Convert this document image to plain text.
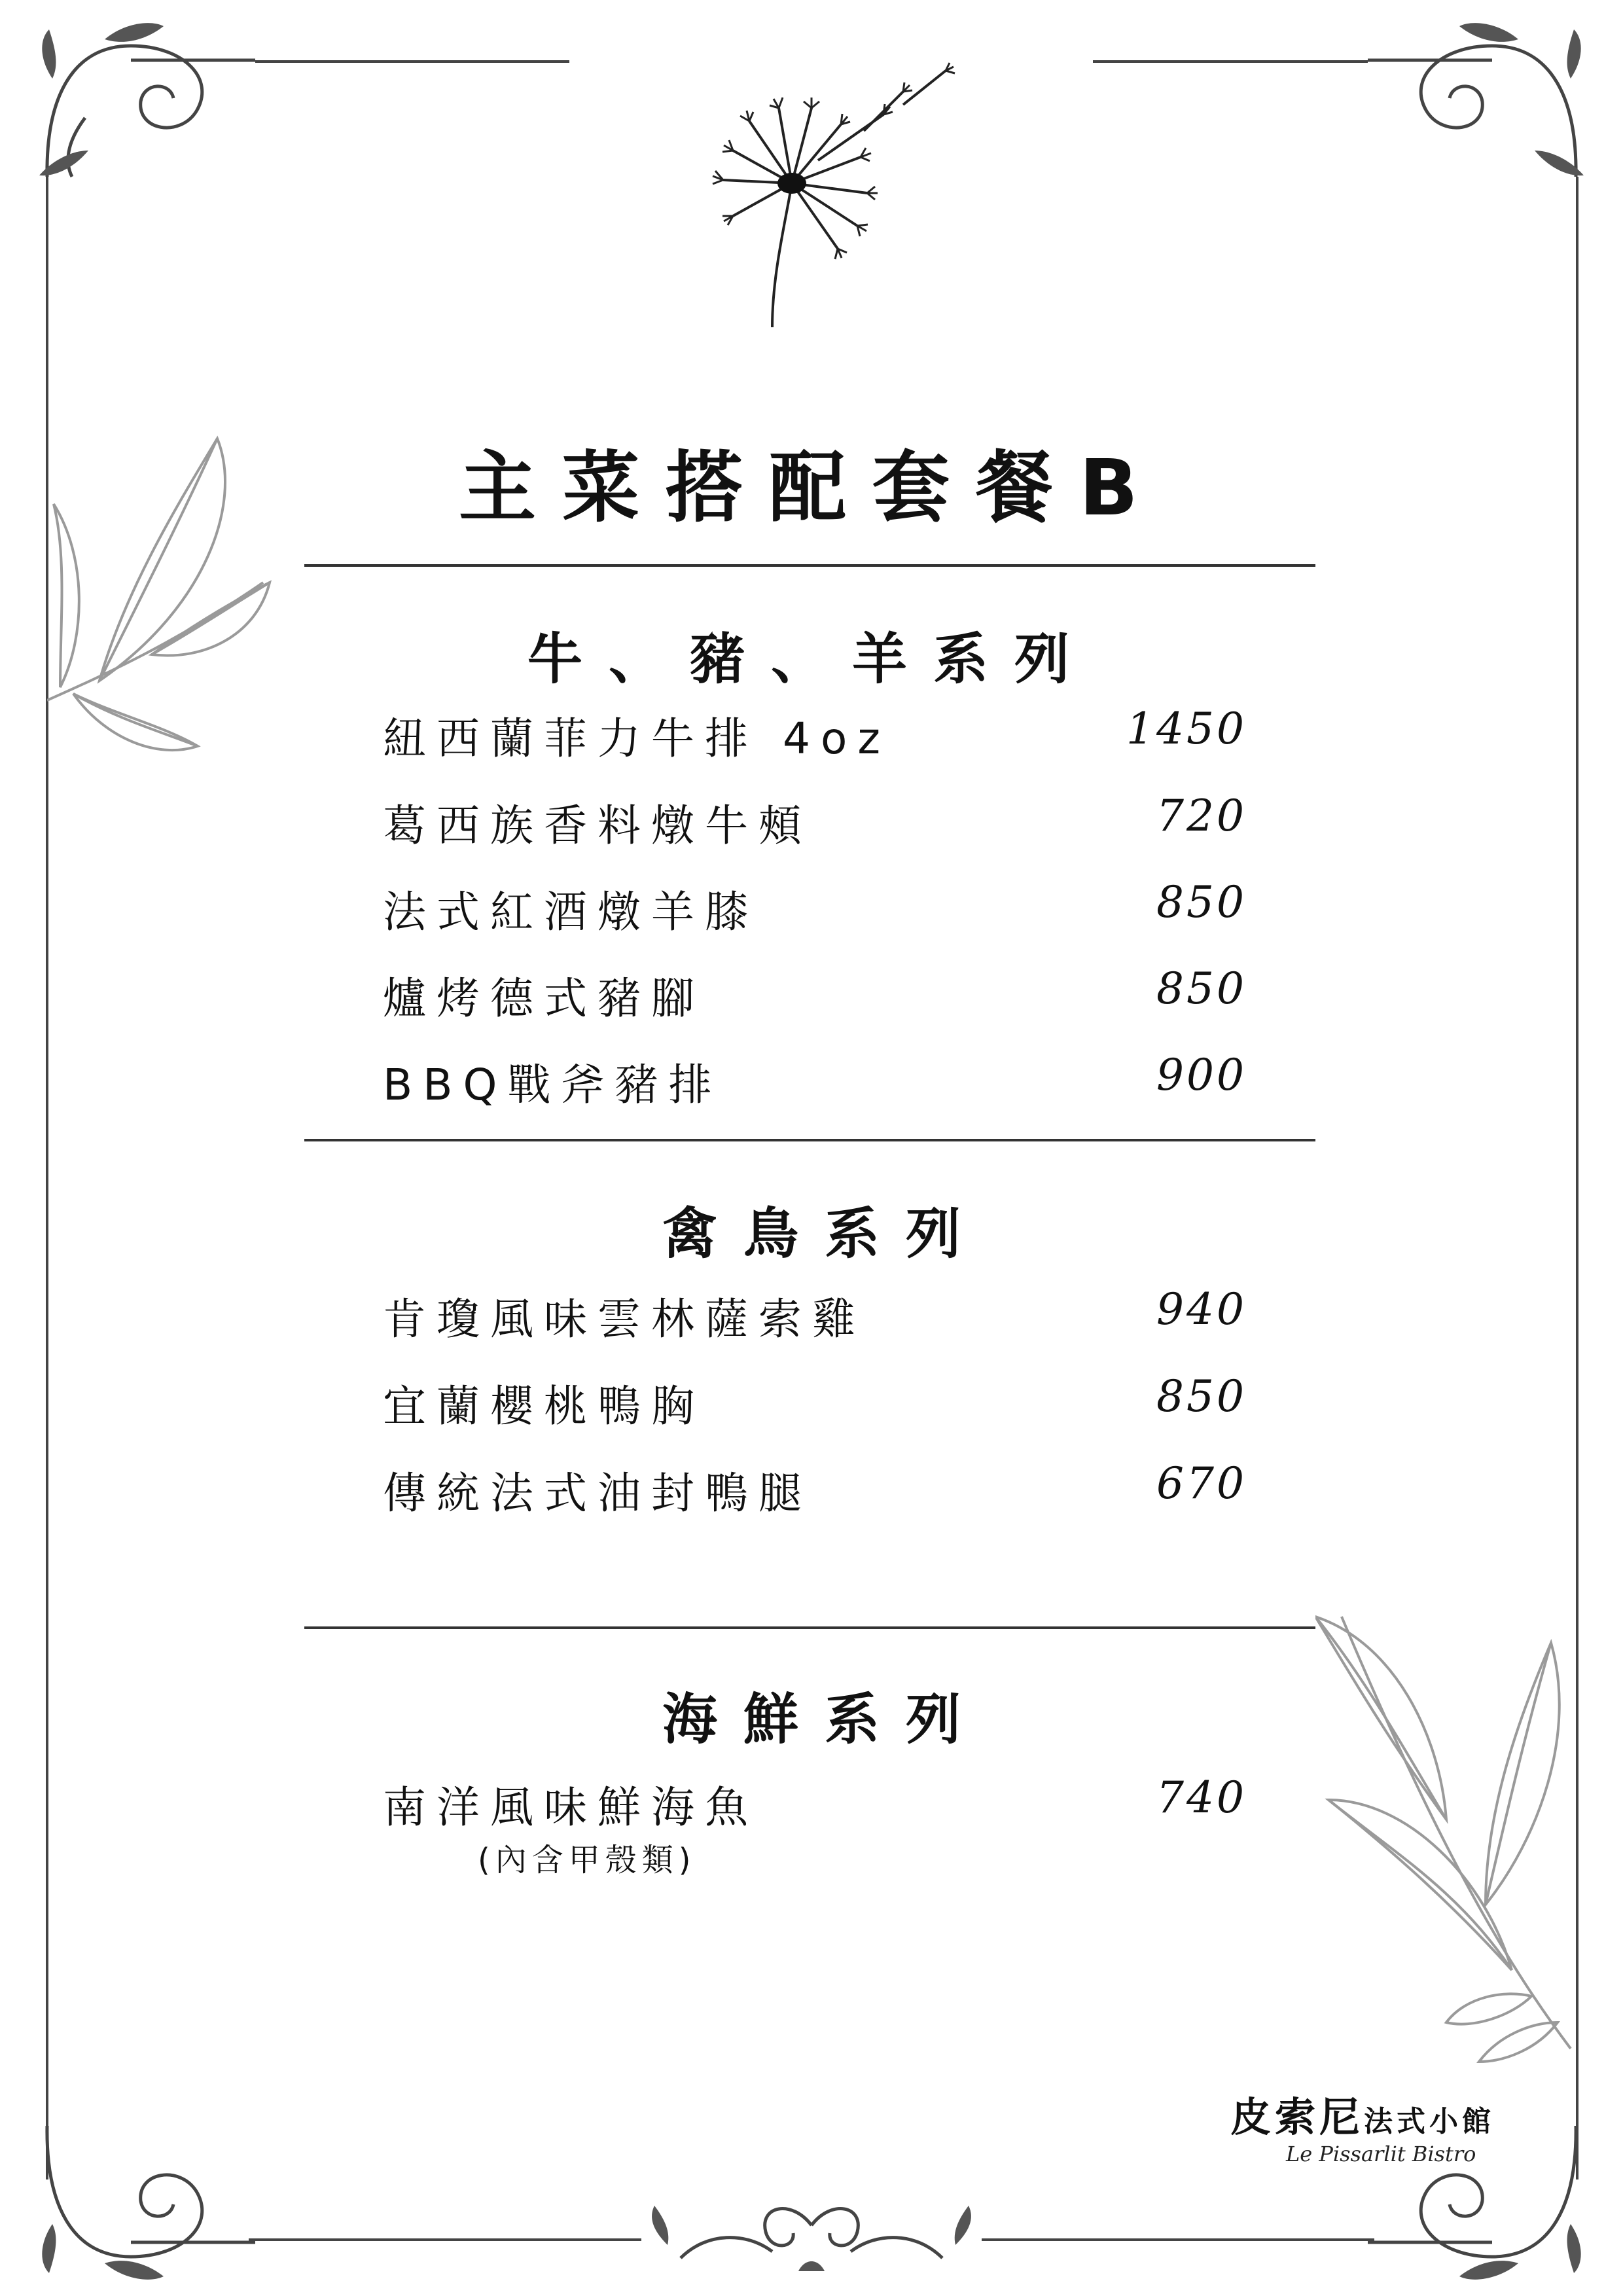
主菜搭配套餐B
牛、豬、羊系列
紐西蘭菲力牛排 4oz	1450
葛西族香料燉牛頰	720
法式紅酒燉羊膝	850
爐烤德式豬腳	850
BBQ戰斧豬排	900
禽鳥系列
肯瓊風味雲林薩索雞	940
宜蘭櫻桃鴨胸	850
傳統法式油封鴨腿	670
海鮮系列
南洋風味鮮海魚	740
(內含甲殼類)
皮索尼法式小館
Le Pissarlit Bistro
